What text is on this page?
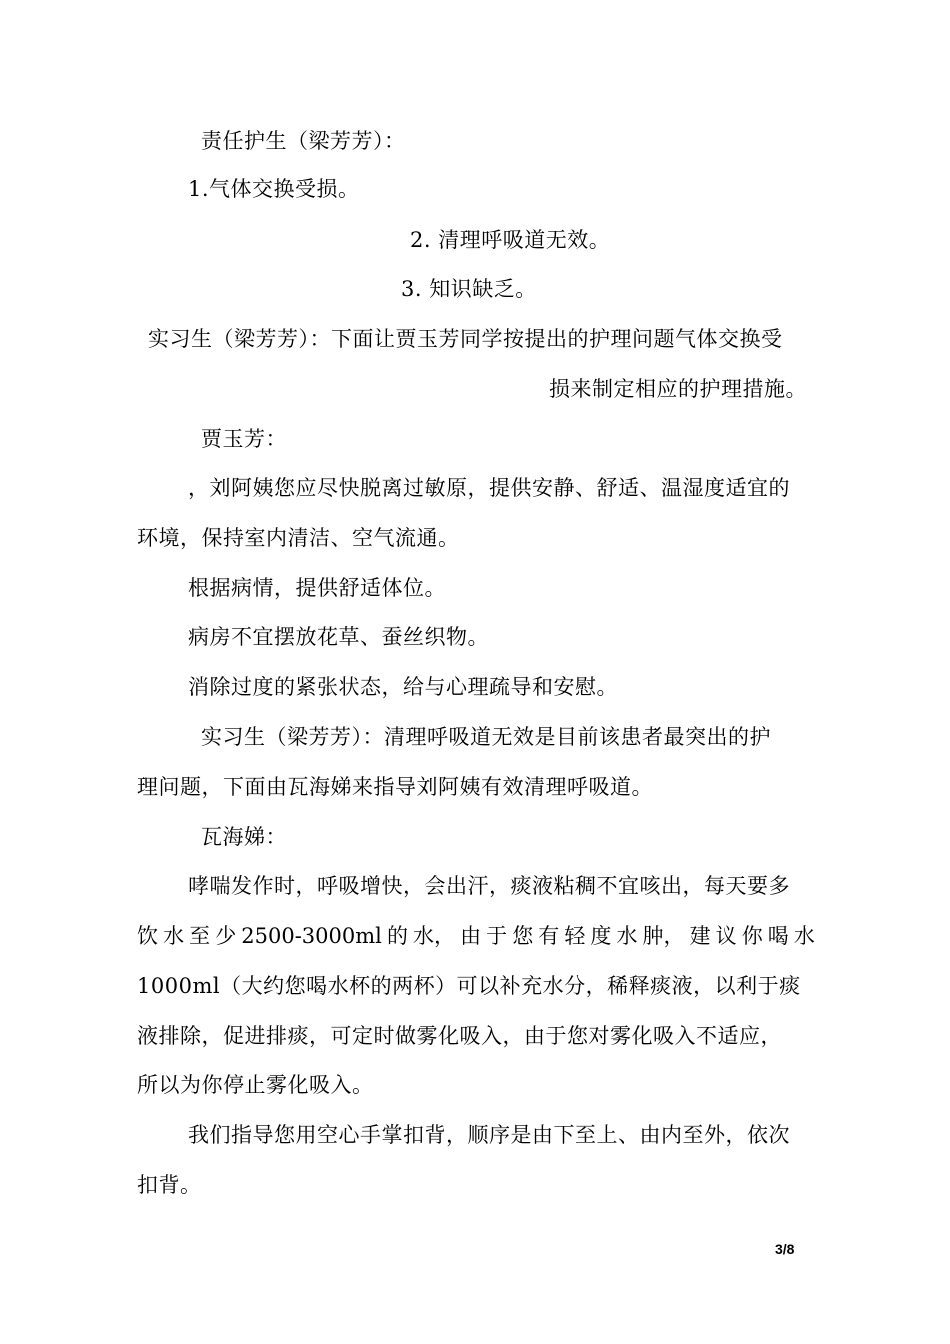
责任护生（梁芳芳）：
1.气体交换受损。
2. 清理呼吸道无效。
3. 知识缺乏。
实习生（梁芳芳）：下面让贾玉芳同学按提出的护理问题气体交换受
损来制定相应的护理措施。
贾玉芳：
，刘阿姨您应尽快脱离过敏原，提供安静、舒适、温湿度适宜的
环境，保持室内清洁、空气流通。
根据病情，提供舒适体位。
病房不宜摆放花草、蚕丝织物。
消除过度的紧张状态，给与心理疏导和安慰。
实习生（梁芳芳）：清理呼吸道无效是目前该患者最突出的护
理问题，下面由瓦海娣来指导刘阿姨有效清理呼吸道。
瓦海娣：
哮喘发作时，呼吸增快，会出汗，痰液粘稠不宜咳出，每天要多
饮 水 至 少 2500-3000ml 的 水， 由 于 您 有 轻 度 水 肿， 建 议 你 喝 水
1000ml（大约您喝水杯的两杯）可以补充水分，稀释痰液，以利于痰
液排除，促进排痰，可定时做雾化吸入，由于您对雾化吸入不适应，
所以为你停止雾化吸入。
我们指导您用空心手掌扣背，顺序是由下至上、由内至外，依次
扣背。
3/8
